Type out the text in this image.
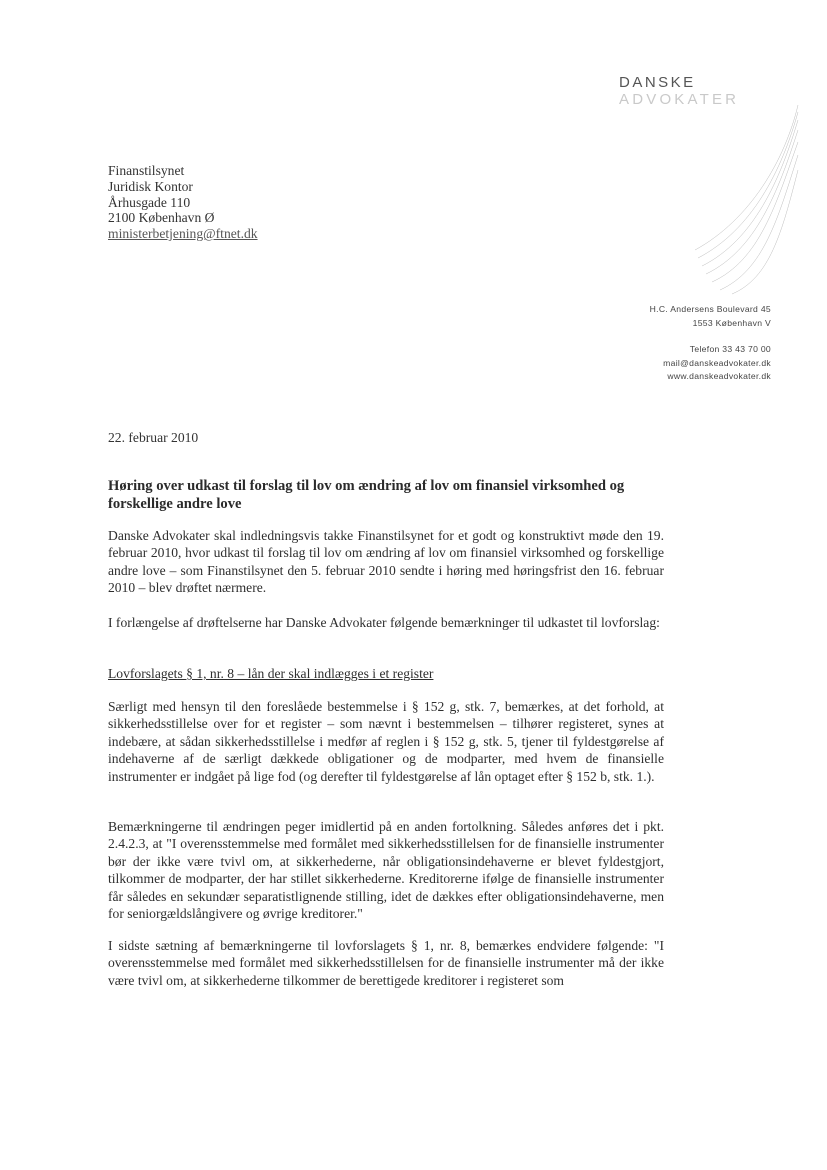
DANSKE
ADVOKATER
Finanstilsynet
Juridisk Kontor
Århusgade 110
2100 København Ø
ministerbetjening@ftnet.dk
H.C. Andersens Boulevard 45
1553 København V
Telefon 33 43 70 00
mail@danskeadvokater.dk
www.danskeadvokater.dk
22. februar 2010
Høring over udkast til forslag til lov om ændring af lov om finansiel virksomhed og forskellige andre love
Danske Advokater skal indledningsvis takke Finanstilsynet for et godt og konstruktivt møde den 19. februar 2010, hvor udkast til forslag til lov om ændring af lov om finansiel virksomhed og forskellige andre love – som Finanstilsynet den 5. februar 2010 sendte i høring med høringsfrist den 16. februar 2010 – blev drøftet nærmere.
I forlængelse af drøftelserne har Danske Advokater følgende bemærkninger til udkastet til lovforslag:
Lovforslagets § 1, nr. 8 – lån der skal indlægges i et register
Særligt med hensyn til den foreslåede bestemmelse i § 152 g, stk. 7, bemærkes, at det forhold, at sikkerhedsstillelse over for et register – som nævnt i bestemmelsen – tilhører registeret, synes at indebære, at sådan sikkerhedsstillelse i medfør af reglen i § 152 g, stk. 5, tjener til fyldestgørelse af indehaverne af de særligt dækkede obligationer og de modparter, med hvem de finansielle instrumenter er indgået på lige fod (og derefter til fyldestgørelse af lån optaget efter § 152 b, stk. 1.).
Bemærkningerne til ændringen peger imidlertid på en anden fortolkning. Således anføres det i pkt. 2.4.2.3, at "I overensstemmelse med formålet med sikkerhedsstillelsen for de finansielle instrumenter bør der ikke være tvivl om, at sikkerhederne, når obligationsindehaverne er blevet fyldestgjort, tilkommer de modparter, der har stillet sikkerhederne. Kreditorerne ifølge de finansielle instrumenter får således en sekundær separatistlignende stilling, idet de dækkes efter obligationsindehaverne, men for seniorgældslångivere og øvrige kreditorer."
I sidste sætning af bemærkningerne til lovforslagets § 1, nr. 8, bemærkes endvidere følgende: "I overensstemmelse med formålet med sikkerhedsstillelsen for de finansielle instrumenter må der ikke være tvivl om, at sikkerhederne tilkommer de berettigede kreditorer i registeret som
